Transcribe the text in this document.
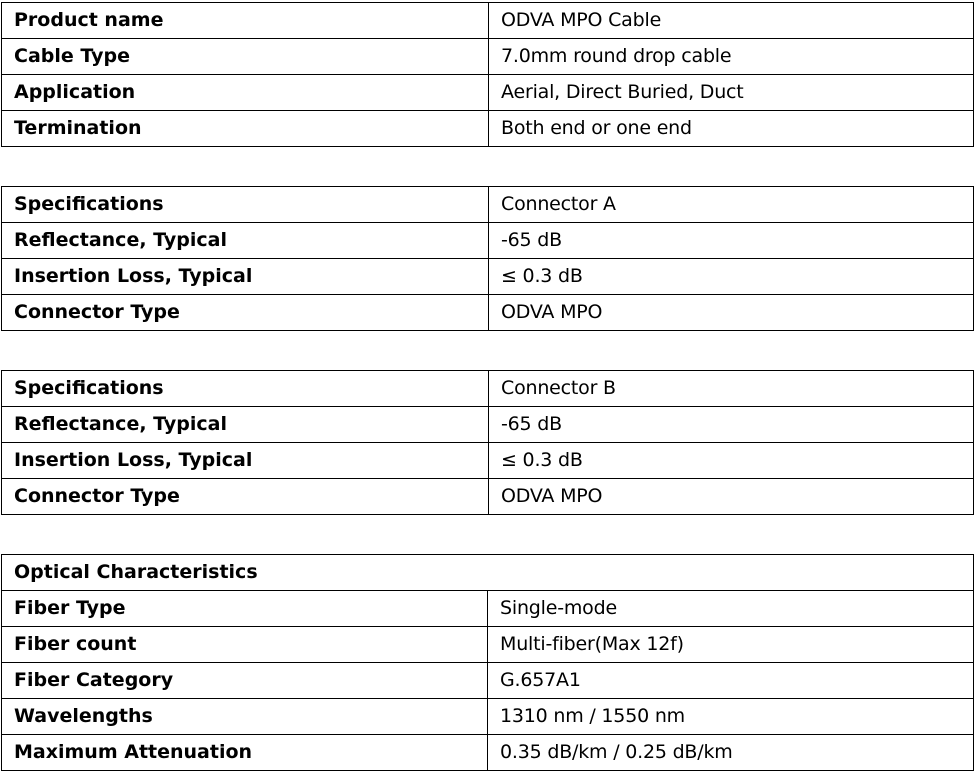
Product name	ODVA MPO Cable
Cable Type	7.0mm round drop cable
Application	Aerial, Direct Buried, Duct
Termination	Both end or one end
Specifications	Connector A
Reflectance, Typical	-65 dB
Insertion Loss, Typical	≤ 0.3 dB
Connector Type	ODVA MPO
Specifications	Connector B
Reflectance, Typical	-65 dB
Insertion Loss, Typical	≤ 0.3 dB
Connector Type	ODVA MPO
Optical Characteristics	
Fiber Type	Single-mode
Fiber count	Multi-fiber(Max 12f)
Fiber Category	G.657A1
Wavelengths	1310 nm / 1550 nm
Maximum Attenuation	0.35 dB/km / 0.25 dB/km
